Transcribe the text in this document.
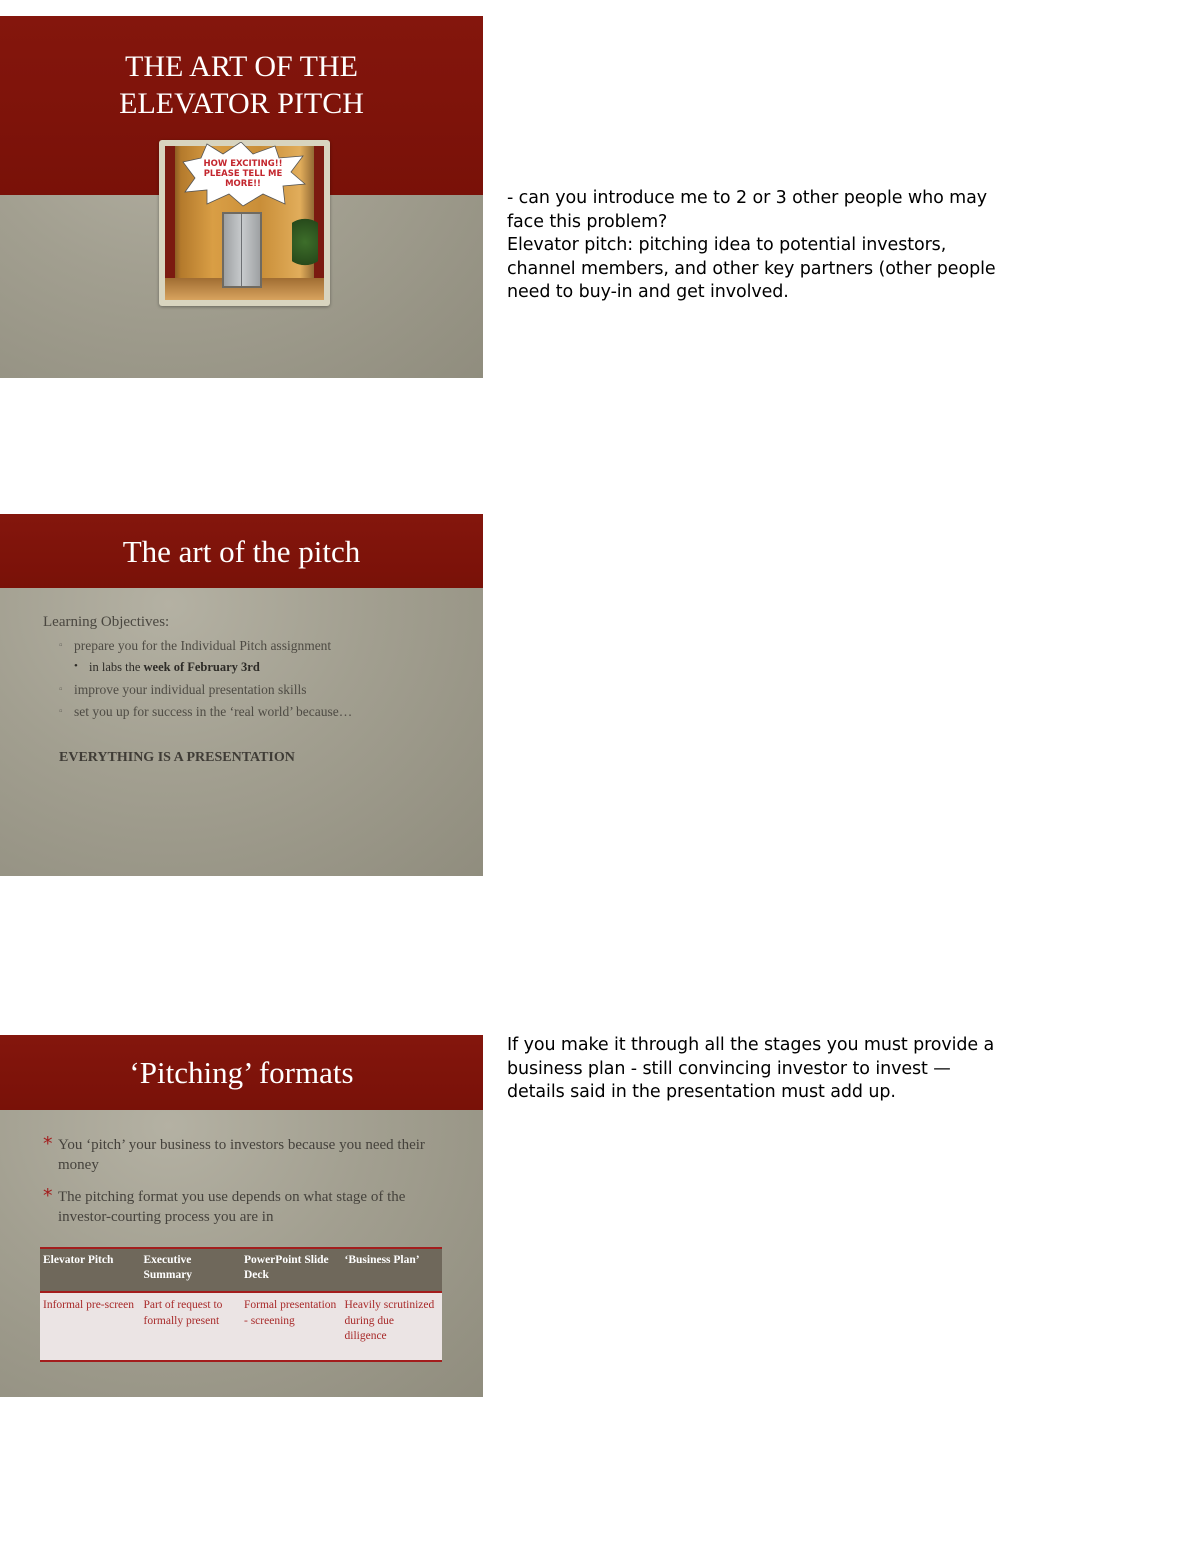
THE ART OF THE
ELEVATOR PITCH
HOW EXCITING!!
PLEASE TELL ME
MORE!!
- can you introduce me to 2 or 3 other people who may
face this problem?
Elevator pitch: pitching idea to potential investors,
channel members, and other key partners (other people
need to buy-in and get involved.
The art of the pitch
Learning Objectives:
▫ prepare you for the Individual Pitch assignment
• in labs the week of February 3rd
▫ improve your individual presentation skills
▫ set you up for success in the ‘real world’ because…
EVERYTHING IS A PRESENTATION
‘Pitching’ formats
* You ‘pitch’ your business to investors because you need their money
* The pitching format you use depends on what stage of the investor-courting process you are in
Elevator Pitch	Executive Summary	PowerPoint Slide Deck	‘Business Plan’
Informal pre-screen	Part of request to formally present	Formal presentation - screening	Heavily scrutinized during due diligence
If you make it through all the stages you must provide a
business plan - still convincing investor to invest —
details said in the presentation must add up.
